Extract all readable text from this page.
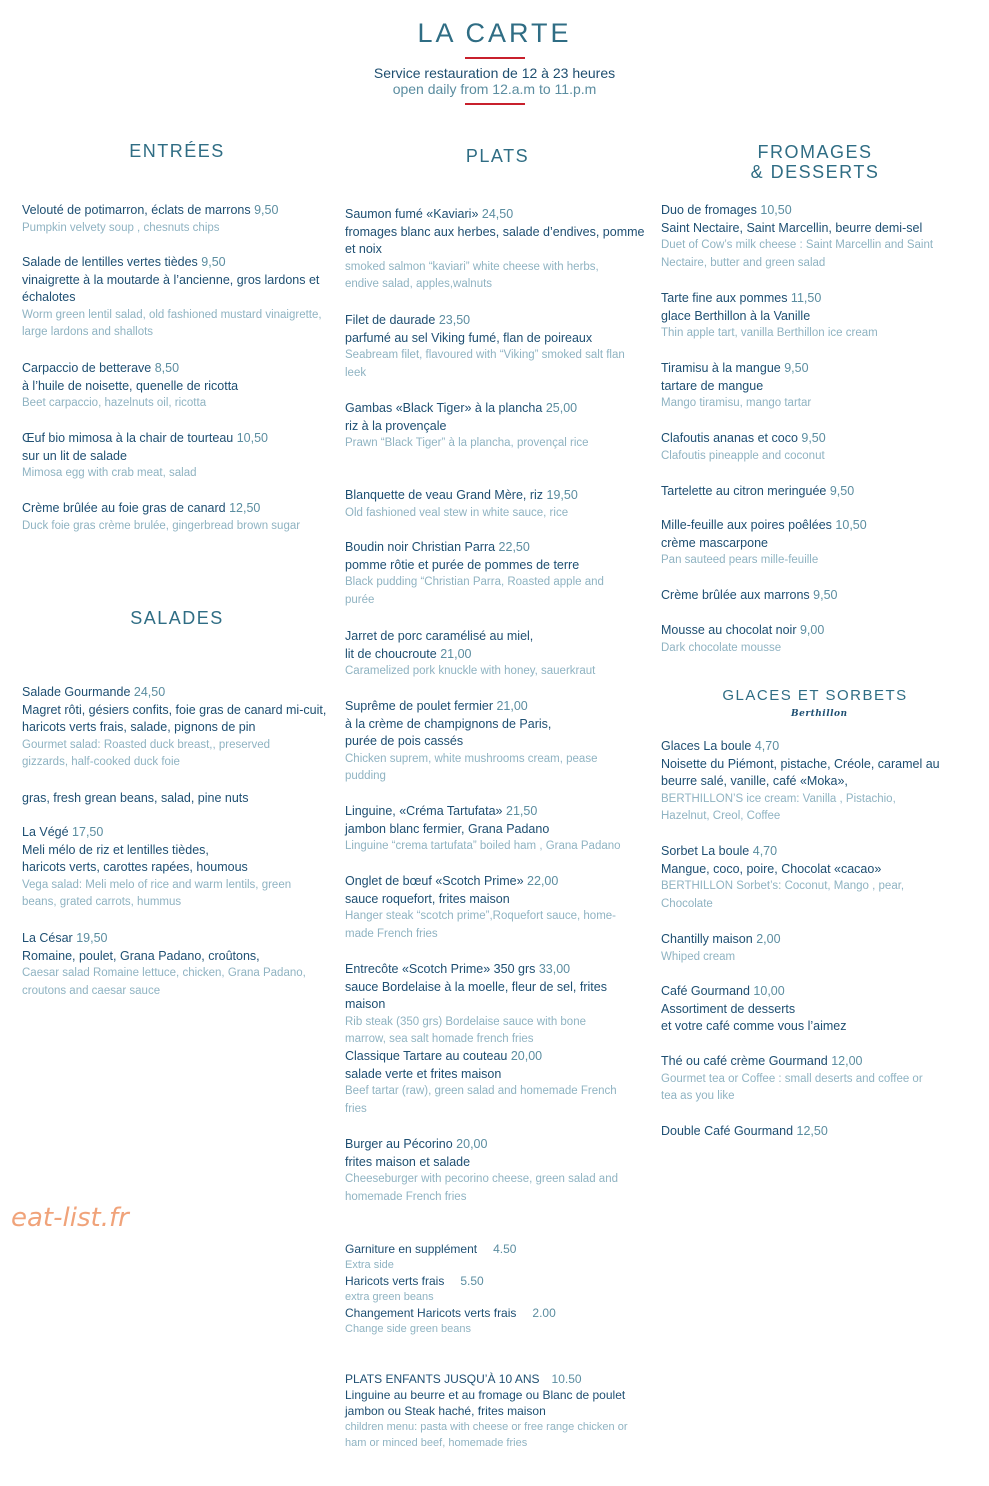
LA CARTE
Service restauration de 12 à 23 heures
open daily from 12.a.m to 11.p.m
ENTRÉES
Velouté de potimarron, éclats de marrons 9,50
Pumpkin velvety soup , chesnuts chips
Salade de lentilles vertes tièdes 9,50
vinaigrette à la moutarde à l’ancienne, gros lardons et
échalotes
Worm green lentil salad, old fashioned mustard vinaigrette,
large lardons and shallots
Carpaccio de betterave 8,50
à l’huile de noisette, quenelle de ricotta
Beet carpaccio, hazelnuts oil, ricotta
Œuf bio mimosa à la chair de tourteau 10,50
sur un lit de salade
Mimosa egg with crab meat, salad
Crème brûlée au foie gras de canard 12,50
Duck foie gras crème brulée, gingerbread brown sugar
SALADES
Salade Gourmande 24,50
Magret rôti, gésiers confits, foie gras de canard mi-cuit,
haricots verts frais, salade, pignons de pin
Gourmet salad: Roasted duck breast,, preserved
gizzards, half-cooked duck foie
gras, fresh grean beans, salad, pine nuts
La Végé 17,50
Meli mélo de riz et lentilles tièdes,
haricots verts, carottes rapées, houmous
Vega salad: Meli melo of rice and warm lentils, green
beans, grated carrots, hummus
La César 19,50
Romaine, poulet, Grana Padano, croûtons,
Caesar salad Romaine lettuce, chicken, Grana Padano,
croutons and caesar sauce
PLATS
Saumon fumé «Kaviari» 24,50
fromages blanc aux herbes, salade d’endives, pomme
et noix
smoked salmon “kaviari” white cheese with herbs,
endive salad, apples,walnuts
Filet de daurade 23,50
parfumé au sel Viking fumé, flan de poireaux
Seabream filet, flavoured with “Viking” smoked salt flan
leek
Gambas «Black Tiger» à la plancha 25,00
riz à la provençale
Prawn “Black Tiger” à la plancha, provençal rice
Blanquette de veau Grand Mère, riz 19,50
Old fashioned veal stew in white sauce, rice
Boudin noir Christian Parra 22,50
pomme rôtie et purée de pommes de terre
Black pudding “Christian Parra, Roasted apple and
purée
Jarret de porc caramélisé au miel,
lit de choucroute 21,00
Caramelized pork knuckle with honey, sauerkraut
Suprême de poulet fermier 21,00
à la crème de champignons de Paris,
purée de pois cassés
Chicken suprem, white mushrooms cream, pease
pudding
Linguine, «Créma Tartufata» 21,50
jambon blanc fermier, Grana Padano
Linguine “crema tartufata” boiled ham , Grana Padano
Onglet de bœuf «Scotch Prime» 22,00
sauce roquefort, frites maison
Hanger steak “scotch prime”,Roquefort sauce, home-
made French fries
Entrecôte «Scotch Prime» 350 grs 33,00
sauce Bordelaise à la moelle, fleur de sel, frites maison
Rib steak (350 grs) Bordelaise sauce with bone
marrow, sea salt homade french fries
Classique Tartare au couteau 20,00
salade verte et frites maison
Beef tartar (raw), green salad and homemade French
fries
Burger au Pécorino 20,00
frites maison et salade
Cheeseburger with pecorino cheese, green salad and
homemade French fries
Garniture en supplément 4.50
Extra side
Haricots verts frais 5.50
extra green beans
Changement Haricots verts frais 2.00
Change side green beans
PLATS ENFANTS JUSQU’À 10 ANS 10.50
Linguine au beurre et au fromage ou Blanc de poulet
jambon ou Steak haché, frites maison
children menu: pasta with cheese or free range chicken or
ham or minced beef, homemade fries
FROMAGES
& DESSERTS
Duo de fromages 10,50
Saint Nectaire, Saint Marcellin, beurre demi-sel
Duet of Cow’s milk cheese : Saint Marcellin and Saint
Nectaire, butter and green salad
Tarte fine aux pommes 11,50
glace Berthillon à la Vanille
Thin apple tart, vanilla Berthillon ice cream
Tiramisu à la mangue 9,50
tartare de mangue
Mango tiramisu, mango tartar
Clafoutis ananas et coco 9,50
Clafoutis pineapple and coconut
Tartelette au citron meringuée 9,50
Mille-feuille aux poires poêlées 10,50
crème mascarpone
Pan sauteed pears mille-feuille
Crème brûlée aux marrons 9,50
Mousse au chocolat noir 9,00
Dark chocolate mousse
GLACES ET SORBETS
Berthillon
Glaces La boule 4,70
Noisette du Piémont, pistache, Créole, caramel au
beurre salé, vanille, café «Moka»,
BERTHILLON’S ice cream: Vanilla , Pistachio,
Hazelnut, Creol, Coffee
Sorbet La boule 4,70
Mangue, coco, poire, Chocolat «cacao»
BERTHILLON Sorbet’s: Coconut, Mango , pear,
Chocolate
Chantilly maison 2,00
Whiped cream
Café Gourmand 10,00
Assortiment de desserts
et votre café comme vous l’aimez
Thé ou café crème Gourmand 12,00
Gourmet tea or Coffee : small deserts and coffee or
tea as you like
Double Café Gourmand 12,50
eat-list.fr
